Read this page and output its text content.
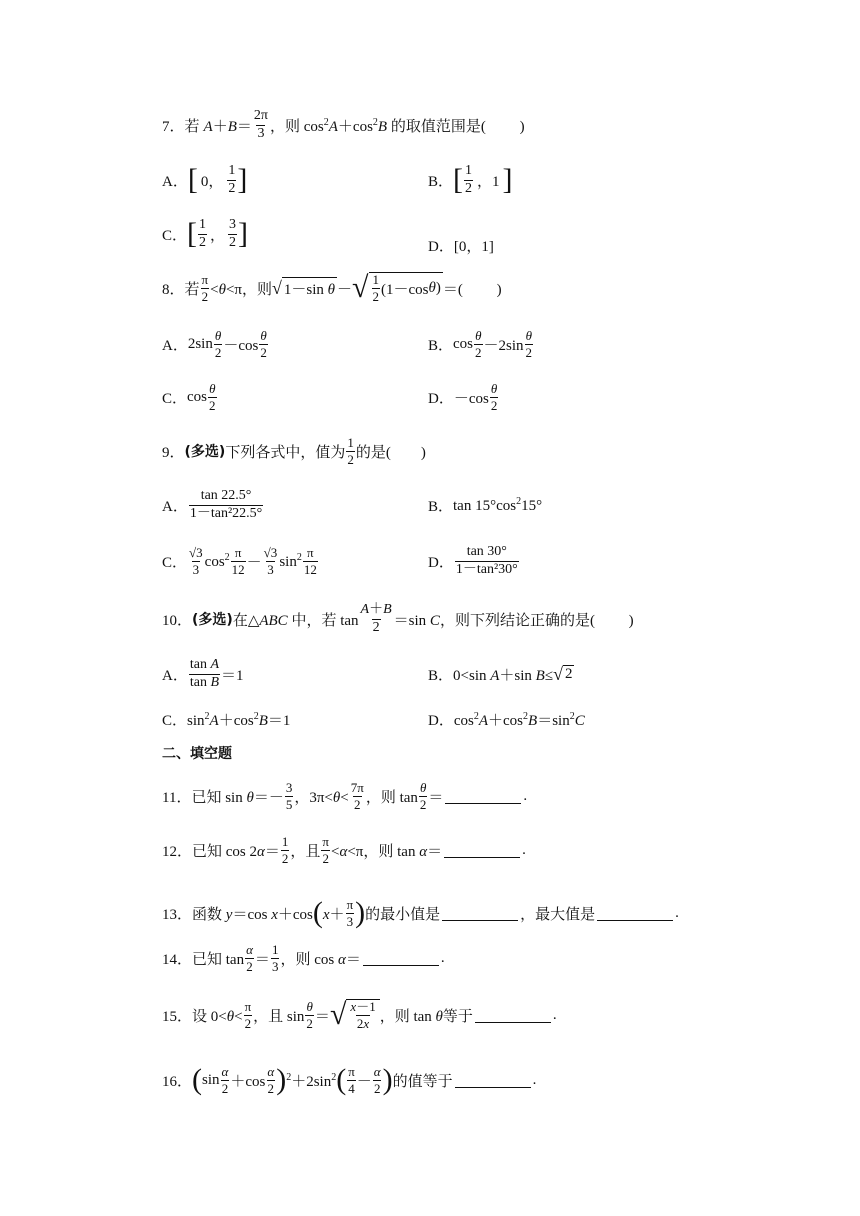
7． 若 $A+B= \frac{2\pi}{3}$ ，则 $\cos^2A+\cos^2B$ 的取值范围是(　　 )
A． [ 0， $\frac{1}{2}$ ]	B． [ $\frac{1}{2}$ ，1 ]
C． [ $\frac{1}{2}$ ， $\frac{3}{2}$ ]	D． [0，1]
8． 若 $\frac{\pi}{2} <\theta<\pi$，则 √ 1－sin θ － √ $\frac{1}{2} (1-\cos$ θ ) ＝(　　 )
A． $2\sin \frac{\theta}{2} -\cos \frac{\theta}{2}$	B． $\cos \frac{\theta}{2} -2\sin \frac{\theta}{2}$
C． $\cos \frac{\theta}{2}$	D． $-\cos \frac{\theta}{2}$
9． (多选) 下列各式中，值为 $\frac{1}{2}$ 的是(　　)
A． $\frac{\tan 22.5^\circ}{\text{1－tan²22.5°}}$	B． $\tan 15^\circ\cos^215^\circ$
C． $\frac{√3}{3} \cos^2 \frac{\pi}{12} - \frac{√3}{3} \sin^2 \frac{\pi}{12}$	D． $\frac{\tan 30^\circ}{\text{1－tan²30°}}$
10． (多选) 在△ABC 中，若 $\tan \frac{A+B}{2} =\sin$ C，则下列结论正确的是(　　 )
A． $\frac{\text{tan A}}{\text{tan B}} =1$	B． 0<sin A＋sin B≤ √ 2
C． $\sin^2A+\cos^2B=1$	D． $\cos^2A+\cos^2B=\sin^2C$
二、填空题
11． 已知 $\sin \theta=- \frac{3}{5}$ ，$3\pi<\theta< \frac{7\pi}{2}$ ，则 $\tan \frac{\theta}{2}$ ＝	.
12． 已知 $\cos 2\alpha= \frac{1}{2}$ ，且 $\frac{\pi}{2} <\alpha<\pi$，则 tan α＝	.
13． 函数 y＝cos x＋cos ( $x+ \frac{\pi}{3}$ ) 的最小值是	，最大值是	.
14． 已知 $\tan \frac{\alpha}{2} = \frac{1}{3}$ ，则 cos α＝	.
15． 设 $0<\theta< \frac{\pi}{2}$ ，且 $\sin \frac{\theta}{2}$ ＝ √ $\frac{x-1}{2x}$ ，则 tan θ等于	.
16． ( $\sin \frac{\alpha}{2} +\cos \frac{\alpha}{2}$ ) $^2+2\sin^2$ ( $\frac{\pi}{4} - \frac{\alpha}{2}$ ) 的值等于	.
